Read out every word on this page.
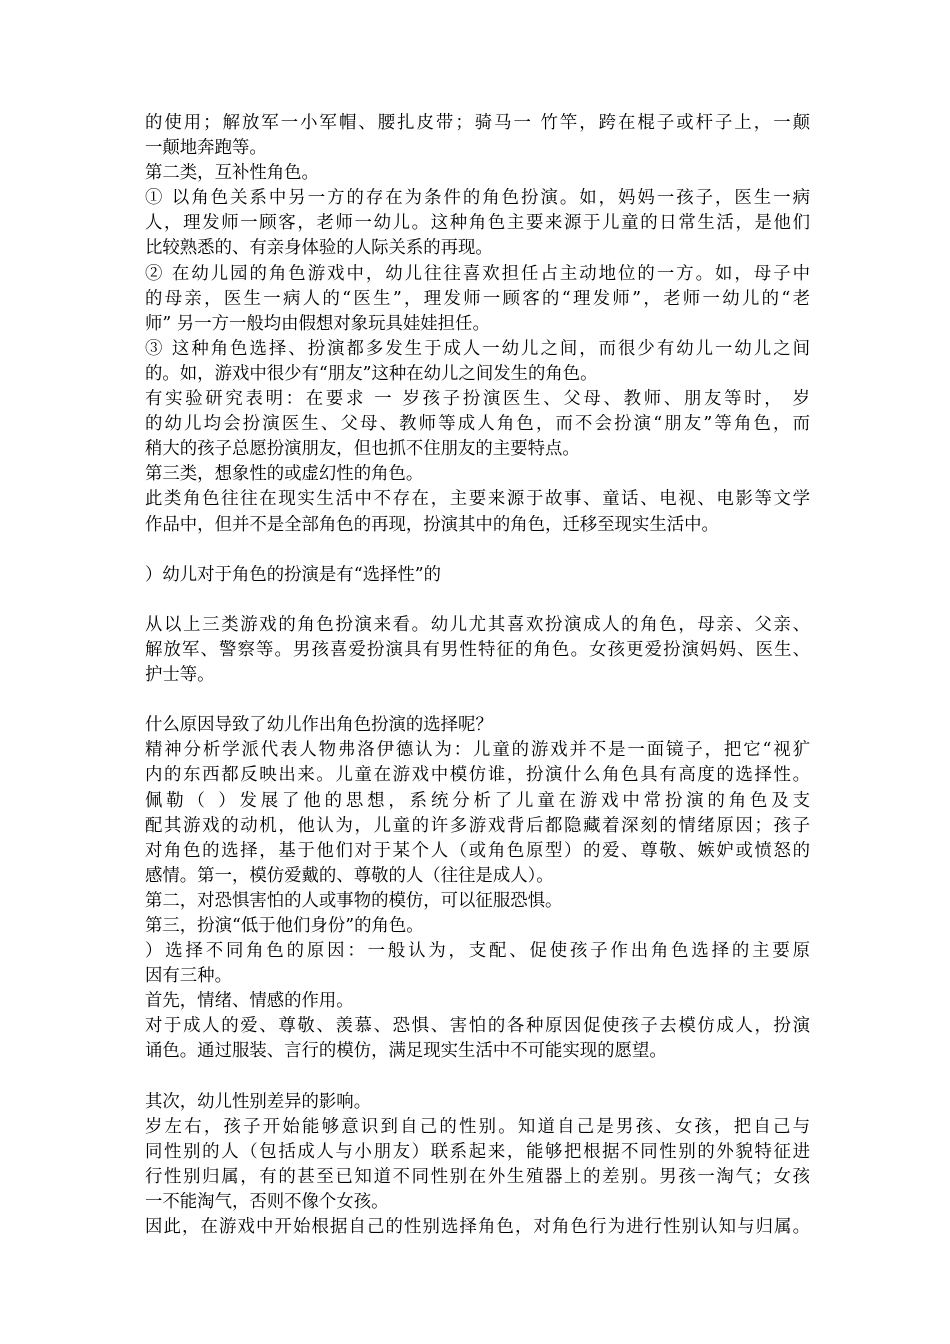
的使用；解放军一小军帽、腰扎皮带；骑马一 竹竿，跨在棍子或杆子上，一颠
一颠地奔跑等。
第二类，互补性角色。
① 以角色关系中另一方的存在为条件的角色扮演。如，妈妈一孩子，医生一病
人，理发师一顾客，老师一幼儿。这种角色主要来源于儿童的日常生活，是他们
比较熟悉的、有亲身体验的人际关系的再现。
② 在幼儿园的角色游戏中，幼儿往往喜欢担任占主动地位的一方。如，母子中
的母亲，医生一病人的“医生”，理发师一顾客的“理发师”，老师一幼儿的“老
师” 另一方一般均由假想对象玩具娃娃担任。
③ 这种角色选择、扮演都多发生于成人一幼儿之间，而很少有幼儿一幼儿之间
的。如，游戏中很少有“朋友”这种在幼儿之间发生的角色。
有实验研究表明：在要求 一 岁孩子扮演医生、父母、教师、朋友等时， 岁
的幼儿均会扮演医生、父母、教师等成人角色，而不会扮演“朋友”等角色，而
稍大的孩子总愿扮演朋友，但也抓不住朋友的主要特点。
第三类，想象性的或虚幻性的角色。
此类角色往往在现实生活中不存在，主要来源于故事、童话、电视、电影等文学
作品中，但并不是全部角色的再现，扮演其中的角色，迁移至现实生活中。
）幼儿对于角色的扮演是有“选择性”的
从以上三类游戏的角色扮演来看。幼儿尤其喜欢扮演成人的角色，母亲、父亲、
解放军、警察等。男孩喜爱扮演具有男性特征的角色。女孩更爱扮演妈妈、医生、
护士等。
什么原因导致了幼儿作出角色扮演的选择呢？
精神分析学派代表人物弗洛伊德认为：儿童的游戏并不是一面镜子，把它“视犷
内的东西都反映出来。儿童在游戏中模仿谁，扮演什么角色具有高度的选择性。
佩勒（ ）发展了他的思想，系统分析了儿童在游戏中常扮演的角色及支
配其游戏的动机，他认为，儿童的许多游戏背后都隐藏着深刻的情绪原因；孩子
对角色的选择，基于他们对于某个人（或角色原型）的爱、尊敬、嫉妒或愤怒的
感情。第一，模仿爱戴的、尊敬的人（往往是成人）。
第二，对恐惧害怕的人或事物的模仿，可以征服恐惧。
第三，扮演“低于他们身份”的角色。
）选择不同角色的原因：一般认为，支配、促使孩子作出角色选择的主要原
因有三种。
首先，情绪、情感的作用。
对于成人的爱、尊敬、羡慕、恐惧、害怕的各种原因促使孩子去模仿成人，扮演
诵色。通过服装、言行的模仿，满足现实生活中不可能实现的愿望。
其次，幼儿性别差异的影响。
岁左右，孩子开始能够意识到自己的性别。知道自己是男孩、女孩，把自己与
同性别的人（包括成人与小朋友）联系起来，能够把根据不同性别的外貌特征进
行性别归属，有的甚至已知道不同性别在外生殖器上的差别。男孩一淘气；女孩
一不能淘气，否则不像个女孩。
因此，在游戏中开始根据自己的性别选择角色，对角色行为进行性别认知与归属。
